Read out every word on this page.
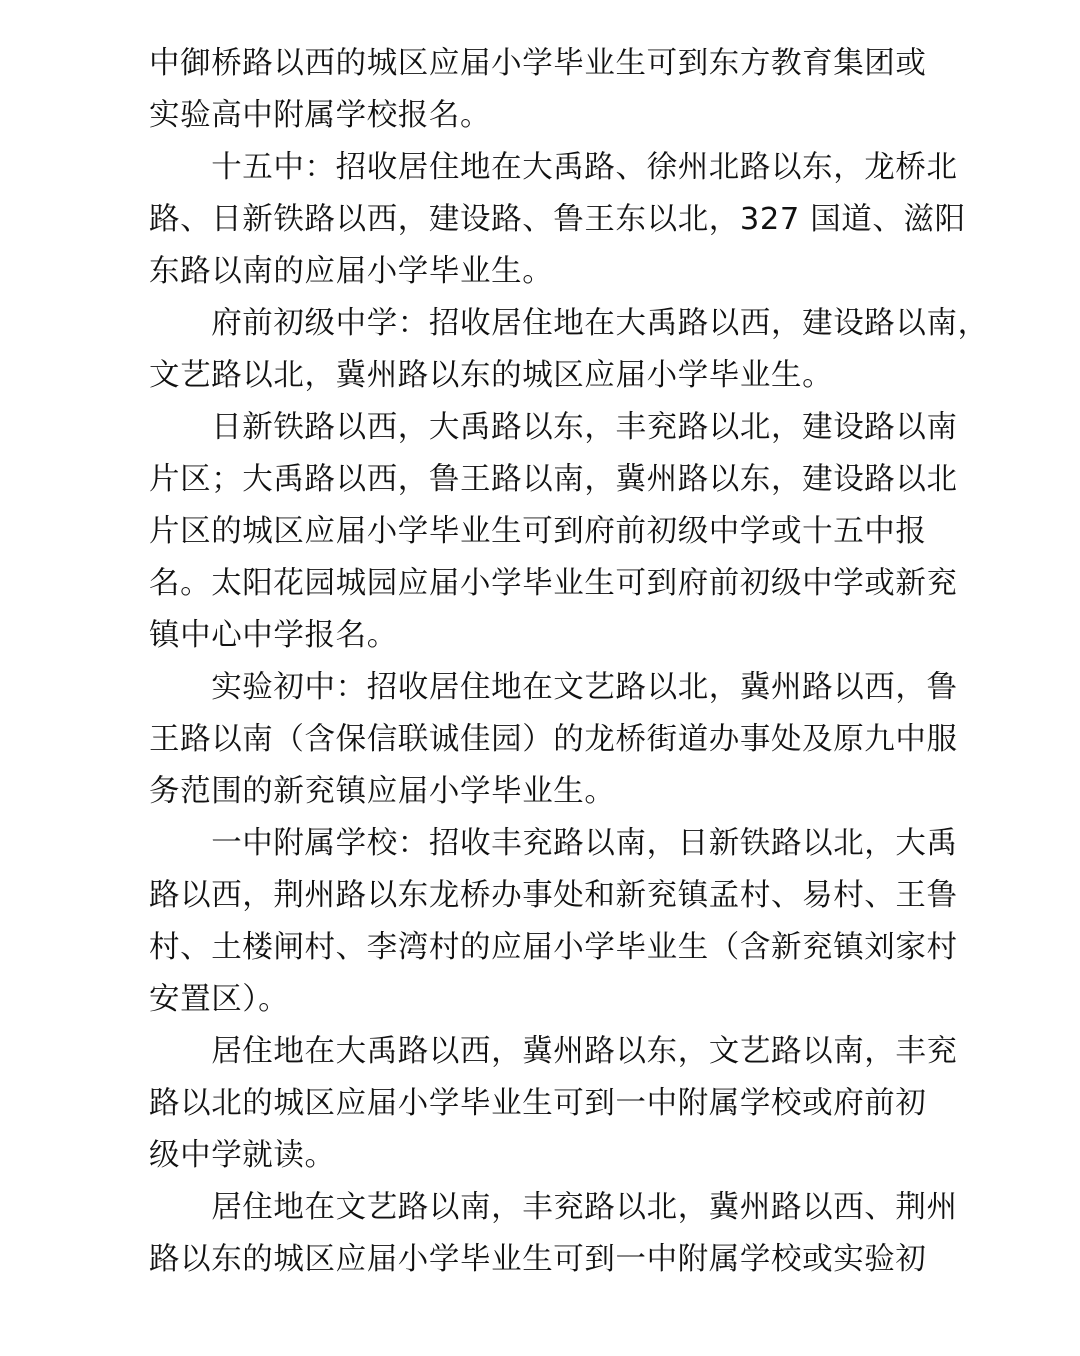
中御桥路以西的城区应届小学毕业生可到东方教育集团或
实验高中附属学校报名。
　　十五中：招收居住地在大禹路、徐州北路以东，龙桥北
路、日新铁路以西，建设路、鲁王东以北，327 国道、滋阳
东路以南的应届小学毕业生。
　　府前初级中学：招收居住地在大禹路以西，建设路以南，
文艺路以北，冀州路以东的城区应届小学毕业生。
　　日新铁路以西，大禹路以东，丰兖路以北，建设路以南
片区；大禹路以西，鲁王路以南，冀州路以东，建设路以北
片区的城区应届小学毕业生可到府前初级中学或十五中报
名。太阳花园城园应届小学毕业生可到府前初级中学或新兖
镇中心中学报名。
　　实验初中：招收居住地在文艺路以北，冀州路以西，鲁
王路以南（含保信联诚佳园）的龙桥街道办事处及原九中服
务范围的新兖镇应届小学毕业生。
　　一中附属学校：招收丰兖路以南，日新铁路以北，大禹
路以西，荆州路以东龙桥办事处和新兖镇孟村、易村、王鲁
村、土楼闸村、李湾村的应届小学毕业生（含新兖镇刘家村
安置区）。
　　居住地在大禹路以西，冀州路以东，文艺路以南，丰兖
路以北的城区应届小学毕业生可到一中附属学校或府前初
级中学就读。
　　居住地在文艺路以南，丰兖路以北，冀州路以西、荆州
路以东的城区应届小学毕业生可到一中附属学校或实验初
